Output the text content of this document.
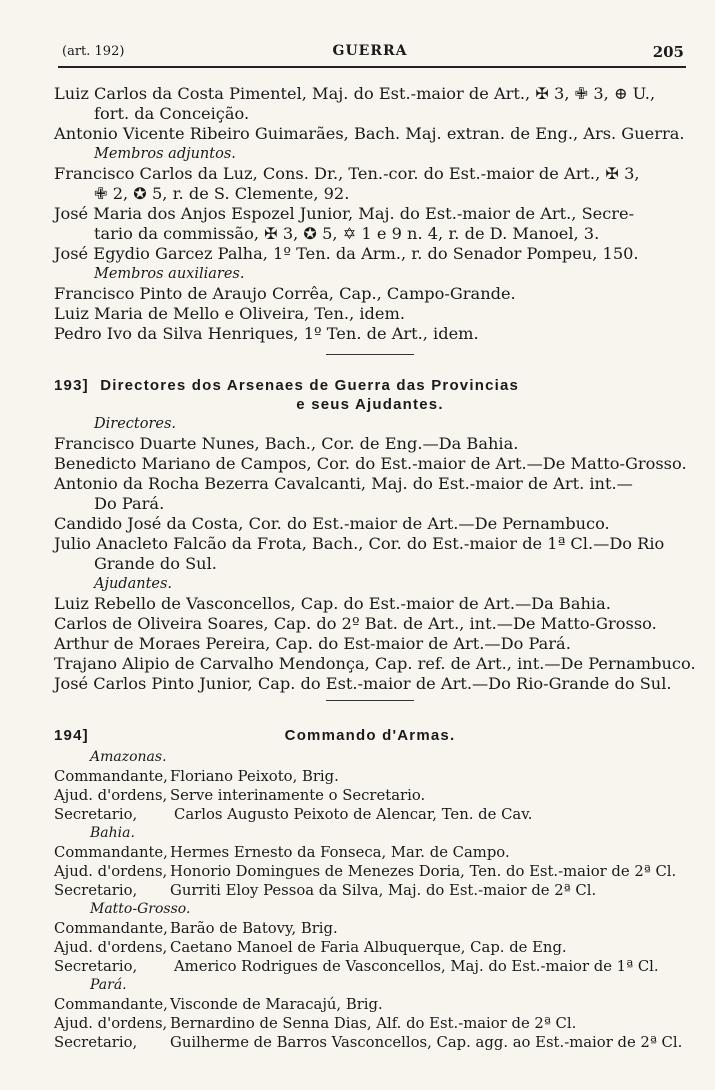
(art. 192)	GUERRA	205
Luiz Carlos da Costa Pimentel, Maj. do Est.-maior de Art., ✠ 3, ✙ 3, ⊕ U.,
fort. da Conceição.
Antonio Vicente Ribeiro Guimarães, Bach. Maj. extran. de Eng., Ars. Guerra.
Membros adjuntos.
Francisco Carlos da Luz, Cons. Dr., Ten.-cor. do Est.-maior de Art., ✠ 3,
✙ 2, ✪ 5, r. de S. Clemente, 92.
José Maria dos Anjos Espozel Junior, Maj. do Est.-maior de Art., Secre-
tario da commissão, ✠ 3, ✪ 5, ✡ 1 e 9 n. 4, r. de D. Manoel, 3.
José Egydio Garcez Palha, 1º Ten. da Arm., r. do Senador Pompeu, 150.
Membros auxiliares.
Francisco Pinto de Araujo Corrêa, Cap., Campo-Grande.
Luiz Maria de Mello e Oliveira, Ten., idem.
Pedro Ivo da Silva Henriques, 1º Ten. de Art., idem.
193] Directores dos Arsenaes de Guerra das Provincias
e seus Ajudantes.
Directores.
Francisco Duarte Nunes, Bach., Cor. de Eng.—Da Bahia.
Benedicto Mariano de Campos, Cor. do Est.-maior de Art.—De Matto-Grosso.
Antonio da Rocha Bezerra Cavalcanti, Maj. do Est.-maior de Art. int.—
Do Pará.
Candido José da Costa, Cor. do Est.-maior de Art.—De Pernambuco.
Julio Anacleto Falcão da Frota, Bach., Cor. do Est.-maior de 1ª Cl.—Do Rio
Grande do Sul.
Ajudantes.
Luiz Rebello de Vasconcellos, Cap. do Est.-maior de Art.—Da Bahia.
Carlos de Oliveira Soares, Cap. do 2º Bat. de Art., int.—De Matto-Grosso.
Arthur de Moraes Pereira, Cap. do Est-maior de Art.—Do Pará.
Trajano Alipio de Carvalho Mendonça, Cap. ref. de Art., int.—De Pernambuco.
José Carlos Pinto Junior, Cap. do Est.-maior de Art.—Do Rio-Grande do Sul.
194]	Commando d'Armas.
Amazonas.
Commandante, Floriano Peixoto, Brig.
Ajud. d'ordens, Serve interinamente o Secretario.
Secretario, Carlos Augusto Peixoto de Alencar, Ten. de Cav.
Bahia.
Commandante, Hermes Ernesto da Fonseca, Mar. de Campo.
Ajud. d'ordens, Honorio Domingues de Menezes Doria, Ten. do Est.-maior de 2ª Cl.
Secretario, Gurriti Eloy Pessoa da Silva, Maj. do Est.-maior de 2ª Cl.
Matto-Grosso.
Commandante, Barão de Batovy, Brig.
Ajud. d'ordens, Caetano Manoel de Faria Albuquerque, Cap. de Eng.
Secretario, Americo Rodrigues de Vasconcellos, Maj. do Est.-maior de 1ª Cl.
Pará.
Commandante, Visconde de Maracajú, Brig.
Ajud. d'ordens, Bernardino de Senna Dias, Alf. do Est.-maior de 2ª Cl.
Secretario, Guilherme de Barros Vasconcellos, Cap. agg. ao Est.-maior de 2ª Cl.
